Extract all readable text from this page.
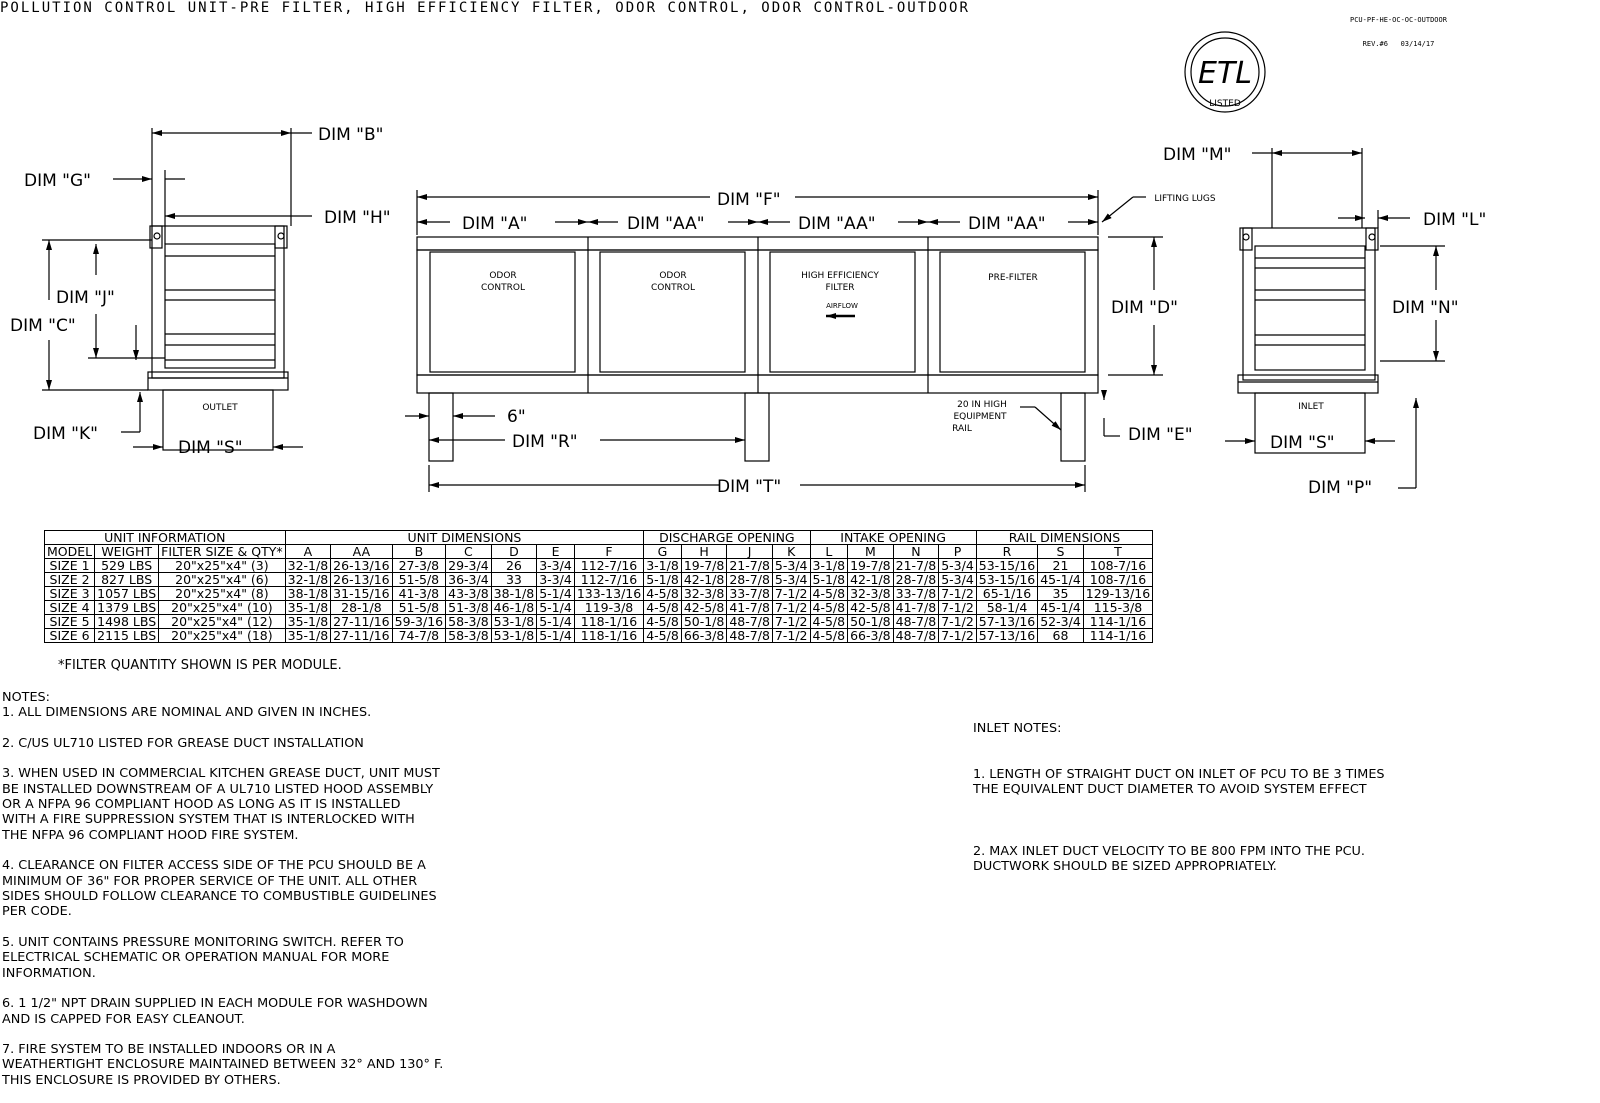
POLLUTION CONTROL UNIT-PRE FILTER, HIGH EFFICIENCY FILTER, ODOR CONTROL, ODOR CONTROL-OUTDOOR

PCU-PF-HE-OC-OC-OUTDOOR

REV.#6   03/14/17

ETL
LISTED
DIM "B"
DIM "G"
DIM "H"
DIM "J"
DIM "C"
DIM "K"
DIM "S"
DIM "F"
DIM "A"	DIM "AA"	DIM "AA"	DIM "AA"
DIM "D"
6"
DIM "R"
DIM "T"
DIM "M"
DIM "L"
DIM "N"
DIM "E"	DIM "S"
DIM "P"
OUTLET	INLET
LIFTING LUGS
20 IN HIGH
EQUIPMENT
RAIL
ODOR
CONTROL
ODOR
CONTROL
HIGH EFFICIENCY
FILTER
AIRFLOW
PRE-FILTER
UNIT INFORMATION			UNIT DIMENSIONS							DISCHARGE OPENING				INTAKE OPENING				RAIL DIMENSIONS		
MODEL	WEIGHT	FILTER SIZE & QTY*	A	AA	B	C	D	E	F	G	H	J	K	L	M	N	P	R	S	T
SIZE 1	529 LBS	20"x25"x4" (3)	32-1/8	26-13/16	27-3/8	29-3/4	26	3-3/4	112-7/16	3-1/8	19-7/8	21-7/8	5-3/4	3-1/8	19-7/8	21-7/8	5-3/4	53-15/16	21	108-7/16
SIZE 2	827 LBS	20"x25"x4" (6)	32-1/8	26-13/16	51-5/8	36-3/4	33	3-3/4	112-7/16	5-1/8	42-1/8	28-7/8	5-3/4	5-1/8	42-1/8	28-7/8	5-3/4	53-15/16	45-1/4	108-7/16
SIZE 3	1057 LBS	20"x25"x4" (8)	38-1/8	31-15/16	41-3/8	43-3/8	38-1/8	5-1/4	133-13/16	4-5/8	32-3/8	33-7/8	7-1/2	4-5/8	32-3/8	33-7/8	7-1/2	65-1/16	35	129-13/16
SIZE 4	1379 LBS	20"x25"x4" (10)	35-1/8	28-1/8	51-5/8	51-3/8	46-1/8	5-1/4	119-3/8	4-5/8	42-5/8	41-7/8	7-1/2	4-5/8	42-5/8	41-7/8	7-1/2	58-1/4	45-1/4	115-3/8
SIZE 5	1498 LBS	20"x25"x4" (12)	35-1/8	27-11/16	59-3/16	58-3/8	53-1/8	5-1/4	118-1/16	4-5/8	50-1/8	48-7/8	7-1/2	4-5/8	50-1/8	48-7/8	7-1/2	57-13/16	52-3/4	114-1/16
SIZE 6	2115 LBS	20"x25"x4" (18)	35-1/8	27-11/16	74-7/8	58-3/8	53-1/8	5-1/4	118-1/16	4-5/8	66-3/8	48-7/8	7-1/2	4-5/8	66-3/8	48-7/8	7-1/2	57-13/16	68	114-1/16
*FILTER QUANTITY SHOWN IS PER MODULE.
NOTES:

1. ALL DIMENSIONS ARE NOMINAL AND GIVEN IN INCHES.

2. C/US UL710 LISTED FOR GREASE DUCT INSTALLATION

3. WHEN USED IN COMMERCIAL KITCHEN GREASE DUCT, UNIT MUST
BE INSTALLED DOWNSTREAM OF A UL710 LISTED HOOD ASSEMBLY
OR A NFPA 96 COMPLIANT HOOD AS LONG AS IT IS INSTALLED
WITH A FIRE SUPPRESSION SYSTEM THAT IS INTERLOCKED WITH
THE NFPA 96 COMPLIANT HOOD FIRE SYSTEM.

4. CLEARANCE ON FILTER ACCESS SIDE OF THE PCU SHOULD BE A
MINIMUM OF 36" FOR PROPER SERVICE OF THE UNIT. ALL OTHER
SIDES SHOULD FOLLOW CLEARANCE TO COMBUSTIBLE GUIDELINES
PER CODE.

5. UNIT CONTAINS PRESSURE MONITORING SWITCH. REFER TO
ELECTRICAL SCHEMATIC OR OPERATION MANUAL FOR MORE
INFORMATION.

6. 1 1/2" NPT DRAIN SUPPLIED IN EACH MODULE FOR WASHDOWN
AND IS CAPPED FOR EASY CLEANOUT.

7. FIRE SYSTEM TO BE INSTALLED INDOORS OR IN A
WEATHERTIGHT ENCLOSURE MAINTAINED BETWEEN 32° AND 130° F.
THIS ENCLOSURE IS PROVIDED BY OTHERS.

INLET NOTES:

1. LENGTH OF STRAIGHT DUCT ON INLET OF PCU TO BE 3 TIMES
THE EQUIVALENT DUCT DIAMETER TO AVOID SYSTEM EFFECT

2. MAX INLET DUCT VELOCITY TO BE 800 FPM INTO THE PCU.
DUCTWORK SHOULD BE SIZED APPROPRIATELY.
